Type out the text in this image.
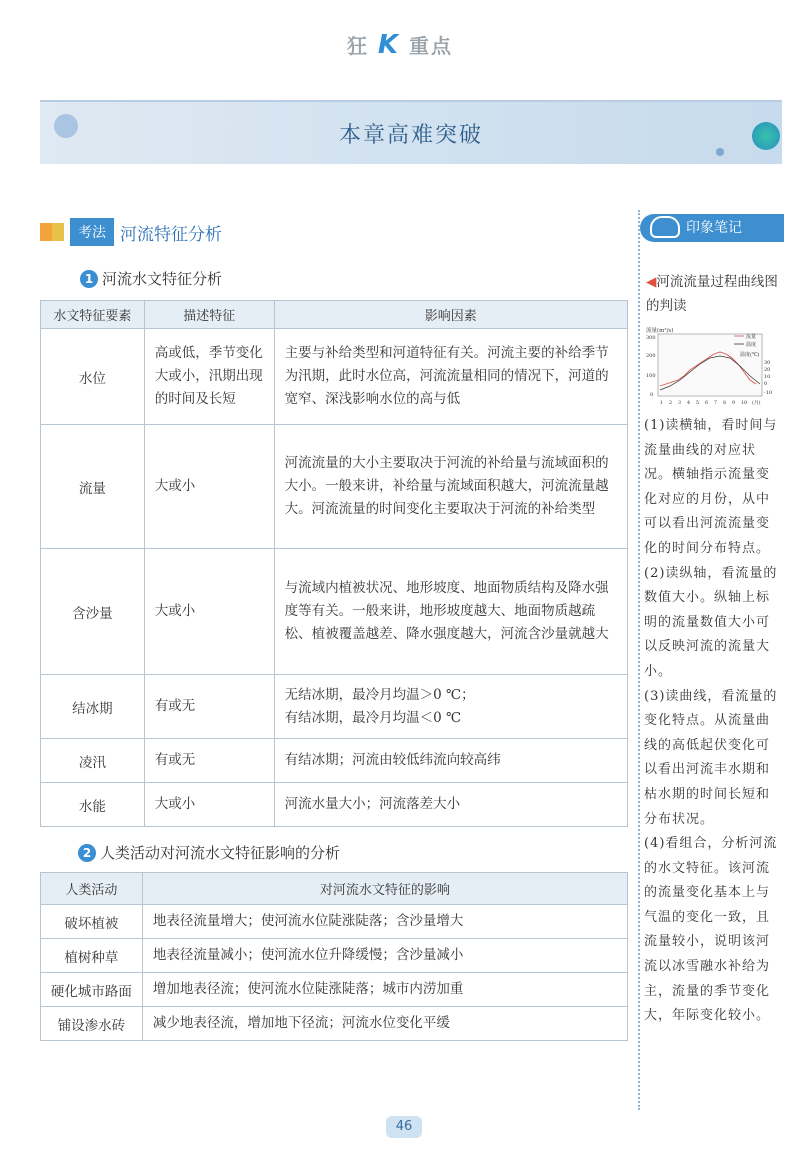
狂 K 重点
本章高难突破
考法 河流特征分析
1 河流水文特征分析
水文特征要素	描述特征	影响因素
水位	高或低，季节变化大或小，汛期出现的时间及长短	主要与补给类型和河道特征有关。河流主要的补给季节为汛期，此时水位高，河流流量相同的情况下，河道的宽窄、深浅影响水位的高与低
流量	大或小	河流流量的大小主要取决于河流的补给量与流域面积的大小。一般来讲，补给量与流域面积越大，河流流量越大。河流流量的时间变化主要取决于河流的补给类型
含沙量	大或小	与流域内植被状况、地形坡度、地面物质结构及降水强度等有关。一般来讲，地形坡度越大、地面物质越疏松、植被覆盖越差、降水强度越大，河流含沙量就越大
结冰期	有或无	无结冰期，最冷月均温＞0 ℃；
有结冰期，最冷月均温＜0 ℃

凌汛	有或无	有结冰期；河流由较低纬流向较高纬
水能	大或小	河流水量大小；河流落差大小
2 人类活动对河流水文特征影响的分析
人类活动	对河流水文特征的影响
破坏植被	地表径流量增大；使河流水位陡涨陡落；含沙量增大
植树种草	地表径流量减小；使河流水位升降缓慢；含沙量减小
硬化城市路面	增加地表径流；使河流水位陡涨陡落；城市内涝加重
铺设渗水砖	减少地表径流，增加地下径流；河流水位变化平缓
印象笔记
◀河流流量过程曲线图的判读
流量(m³/s)
温度(℃)
流量
温度
300
200
100
0
30
20
10
0
-10
1 2 3 4 5 6 7 8 9 10 (月)

(1)读横轴，看时间与流量曲线的对应状况。横轴指示流量变化对应的月份，从中可以看出河流流量变化的时间分布特点。

(2)读纵轴，看流量的数值大小。纵轴上标明的流量数值大小可以反映河流的流量大小。

(3)读曲线，看流量的变化特点。从流量曲线的高低起伏变化可以看出河流丰水期和枯水期的时间长短和分布状况。

(4)看组合，分析河流的水文特征。该河流的流量变化基本上与气温的变化一致，且流量较小，说明该河流以冰雪融水补给为主，流量的季节变化大，年际变化较小。

46
